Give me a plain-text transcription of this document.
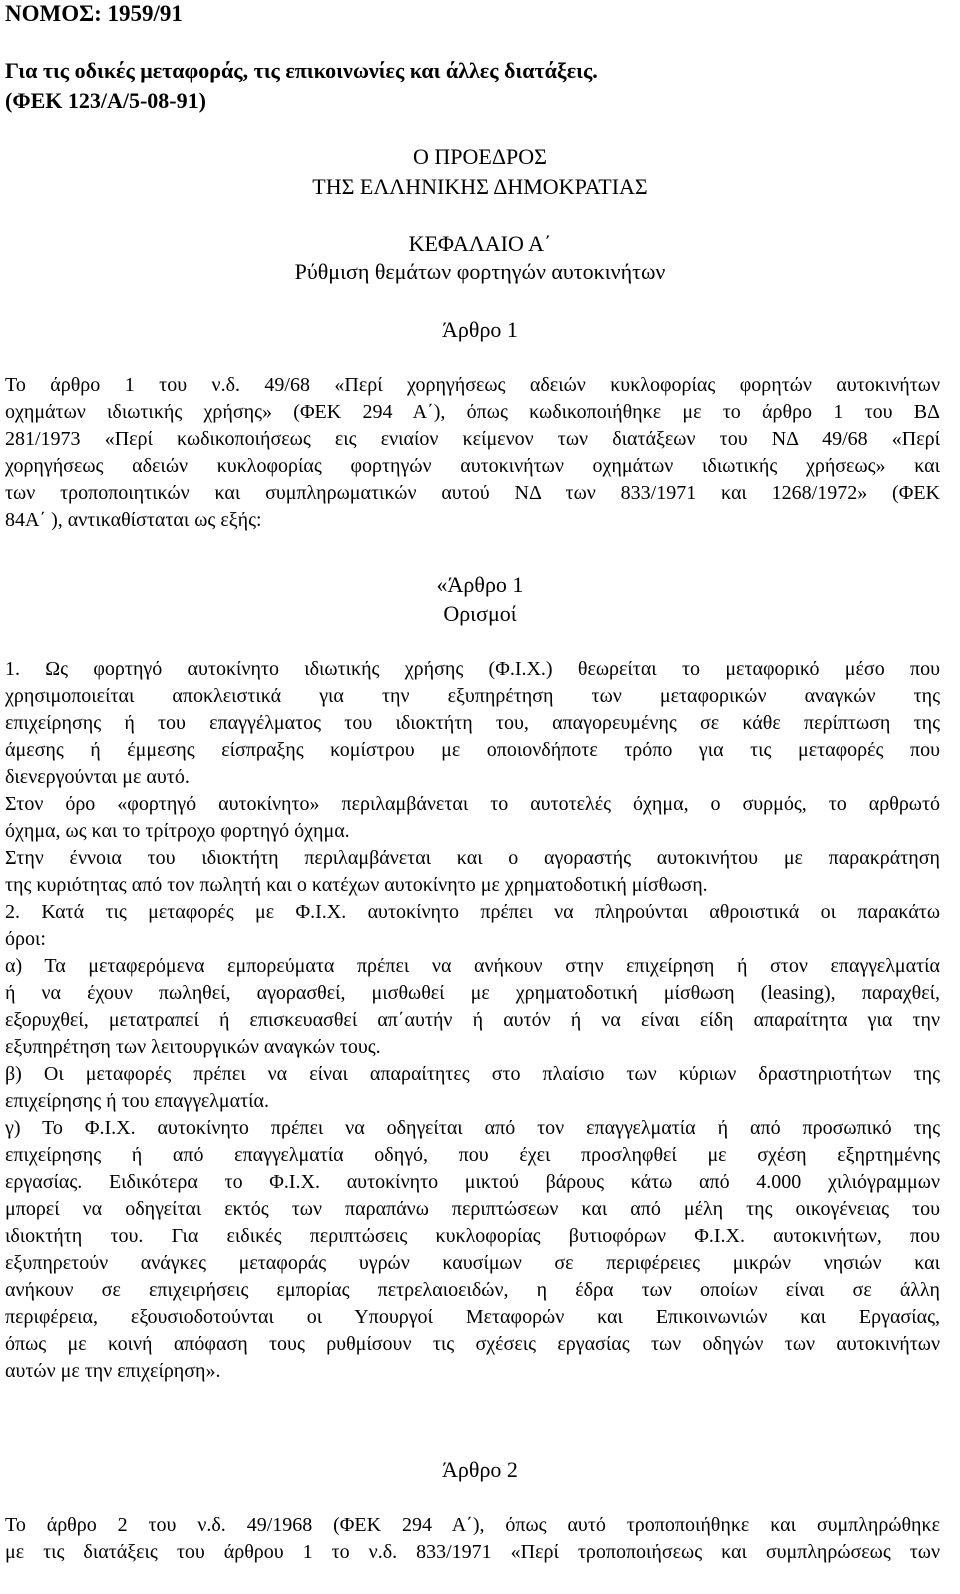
ΝΟΜΟΣ: 1959/91

Για τις οδικές μεταφοράς, τις επικοινωνίες και άλλες διατάξεις.
(ΦΕΚ 123/Α/5-08-91)

Ο ΠΡΟΕΔΡΟΣ

ΤΗΣ ΕΛΛΗΝΙΚΗΣ ΔΗΜΟΚΡΑΤΙΑΣ

ΚΕΦΑΛΑΙΟ Α΄

Ρύθμιση θεμάτων φορτηγών αυτοκινήτων

Άρθρο 1

Το άρθρο 1 του ν.δ. 49/68 «Περί χορηγήσεως αδειών κυκλοφορίας φορητών αυτοκινήτων
οχημάτων ιδιωτικής χρήσης» (ΦΕΚ 294 Α΄), όπως κωδικοποιήθηκε με το άρθρο 1 του ΒΔ
281/1973 «Περί κωδικοποιήσεως εις ενιαίον κείμενον των διατάξεων του ΝΔ 49/68 «Περί
χορηγήσεως αδειών κυκλοφορίας φορτηγών αυτοκινήτων οχημάτων ιδιωτικής χρήσεως» και
των τροποποιητικών και συμπληρωματικών αυτού ΝΔ των 833/1971 και 1268/1972» (ΦΕΚ
84Α΄ ), αντικαθίσταται ως εξής:

«Άρθρο 1

Ορισμοί

1. Ως φορτηγό αυτοκίνητο ιδιωτικής χρήσης (Φ.Ι.Χ.) θεωρείται το μεταφορικό μέσο που
χρησιμοποιείται αποκλειστικά για την εξυπηρέτηση των μεταφορικών αναγκών της
επιχείρησης ή του επαγγέλματος του ιδιοκτήτη του, απαγορευμένης σε κάθε περίπτωση της
άμεσης ή έμμεσης είσπραξης κομίστρου με οποιονδήποτε τρόπο για τις μεταφορές που
διενεργούνται με αυτό.
Στον όρο «φορτηγό αυτοκίνητο» περιλαμβάνεται το αυτοτελές όχημα, ο συρμός, το αρθρωτό
όχημα, ως και το τρίτροχο φορτηγό όχημα.
Στην έννοια του ιδιοκτήτη περιλαμβάνεται και ο αγοραστής αυτοκινήτου με παρακράτηση
της κυριότητας από τον πωλητή και ο κατέχων αυτοκίνητο με χρηματοδοτική μίσθωση.
2. Κατά τις μεταφορές με Φ.Ι.Χ. αυτοκίνητο πρέπει να πληρούνται αθροιστικά οι παρακάτω
όροι:
α) Τα μεταφερόμενα εμπορεύματα πρέπει να ανήκουν στην επιχείρηση ή στον επαγγελματία
ή να έχουν πωληθεί, αγορασθεί, μισθωθεί με χρηματοδοτική μίσθωση (leasing), παραχθεί,
εξορυχθεί, μετατραπεί ή επισκευασθεί απ΄αυτήν ή αυτόν ή να είναι είδη απαραίτητα για την
εξυπηρέτηση των λειτουργικών αναγκών τους.
β) Οι μεταφορές πρέπει να είναι απαραίτητες στο πλαίσιο των κύριων δραστηριοτήτων της
επιχείρησης ή του επαγγελματία.
γ) Το Φ.Ι.Χ. αυτοκίνητο πρέπει να οδηγείται από τον επαγγελματία ή από προσωπικό της
επιχείρησης ή από επαγγελματία οδηγό, που έχει προσληφθεί με σχέση εξηρτημένης
εργασίας. Ειδικότερα το Φ.Ι.Χ. αυτοκίνητο μικτού βάρους κάτω από 4.000 χιλιόγραμμων
μπορεί να οδηγείται εκτός των παραπάνω περιπτώσεων και από μέλη της οικογένειας του
ιδιοκτήτη του. Για ειδικές περιπτώσεις κυκλοφορίας βυτιοφόρων Φ.Ι.Χ. αυτοκινήτων, που
εξυπηρετούν ανάγκες μεταφοράς υγρών καυσίμων σε περιφέρειες μικρών νησιών και
ανήκουν σε επιχειρήσεις εμπορίας πετρελαιοειδών, η έδρα των οποίων είναι σε άλλη
περιφέρεια, εξουσιοδοτούνται οι Υπουργοί Μεταφορών και Επικοινωνιών και Εργασίας,
όπως με κοινή απόφαση τους ρυθμίσουν τις σχέσεις εργασίας των οδηγών των αυτοκινήτων
αυτών με την επιχείρηση».

Άρθρο 2

Το άρθρο 2 του ν.δ. 49/1968 (ΦΕΚ 294 Α΄), όπως αυτό τροποποιήθηκε και συμπληρώθηκε
με τις διατάξεις του άρθρου 1 το ν.δ. 833/1971 «Περί τροποποιήσεως και συμπληρώσεως των
